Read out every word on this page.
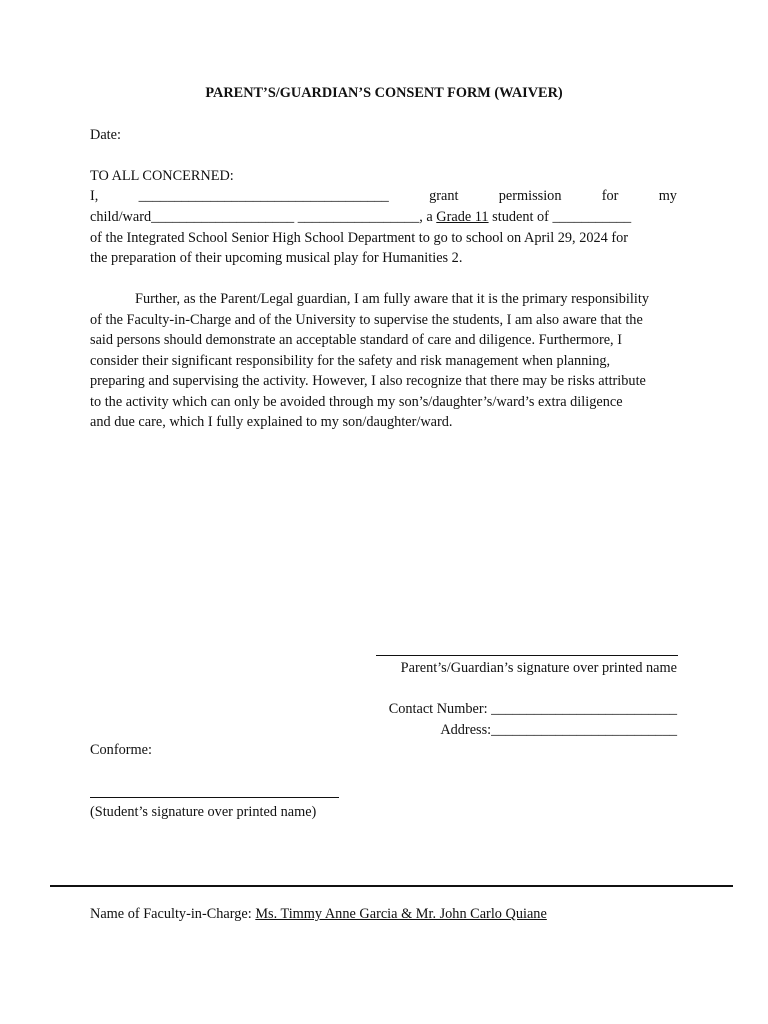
PARENT’S/GUARDIAN’S CONSENT FORM (WAIVER)
Date:
TO ALL CONCERNED:
I,	___________________________________	grant	permission	for	my
child/ward____________________ _________________, a Grade 11 student of ___________
of the Integrated School Senior High School Department to go to school on April 29, 2024 for
the preparation of their upcoming musical play for Humanities 2.
Further, as the Parent/Legal guardian, I am fully aware that it is the primary responsibility
of the Faculty-in-Charge and of the University to supervise the students, I am also aware that the
said persons should demonstrate an acceptable standard of care and diligence. Furthermore, I
consider their significant responsibility for the safety and risk management when planning,
preparing and supervising the activity. However, I also recognize that there may be risks attribute
to the activity which can only be avoided through my son’s/daughter’s/ward’s extra diligence
and due care, which I fully explained to my son/daughter/ward.
Parent’s/Guardian’s signature over printed name
Contact Number: __________________________
Address:__________________________
Conforme:
(Student’s signature over printed name)
Name of Faculty-in-Charge: Ms. Timmy Anne Garcia & Mr. John Carlo Quiane
